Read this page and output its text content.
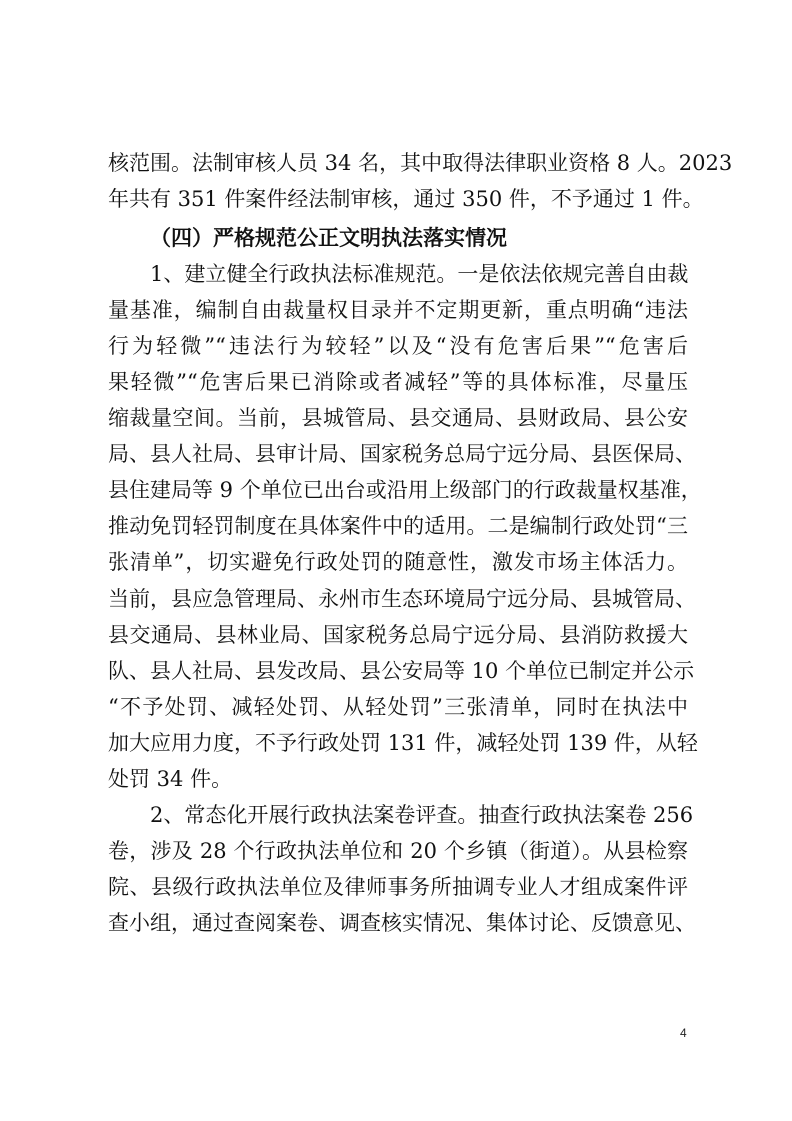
核范围。法制审核人员 34 名，其中取得法律职业资格 8 人。2023
年共有 351 件案件经法制审核，通过 350 件，不予通过 1 件。
（四）严格规范公正文明执法落实情况
1、建立健全行政执法标准规范。一是依法依规完善自由裁
量基准，编制自由裁量权目录并不定期更新，重点明确“违法
行为轻微”“违法行为较轻”以及“没有危害后果”“危害后
果轻微”“危害后果已消除或者减轻”等的具体标准，尽量压
缩裁量空间。当前，县城管局、县交通局、县财政局、县公安
局、县人社局、县审计局、国家税务总局宁远分局、县医保局、
县住建局等 9 个单位已出台或沿用上级部门的行政裁量权基准，
推动免罚轻罚制度在具体案件中的适用。二是编制行政处罚“三
张清单”，切实避免行政处罚的随意性，激发市场主体活力。
当前，县应急管理局、永州市生态环境局宁远分局、县城管局、
县交通局、县林业局、国家税务总局宁远分局、县消防救援大
队、县人社局、县发改局、县公安局等 10 个单位已制定并公示
“不予处罚、减轻处罚、从轻处罚”三张清单，同时在执法中
加大应用力度，不予行政处罚 131 件，减轻处罚 139 件，从轻
处罚 34 件。
2、常态化开展行政执法案卷评查。抽查行政执法案卷 256
卷，涉及 28 个行政执法单位和 20 个乡镇（街道）。从县检察
院、县级行政执法单位及律师事务所抽调专业人才组成案件评
查小组，通过查阅案卷、调查核实情况、集体讨论、反馈意见、
4
